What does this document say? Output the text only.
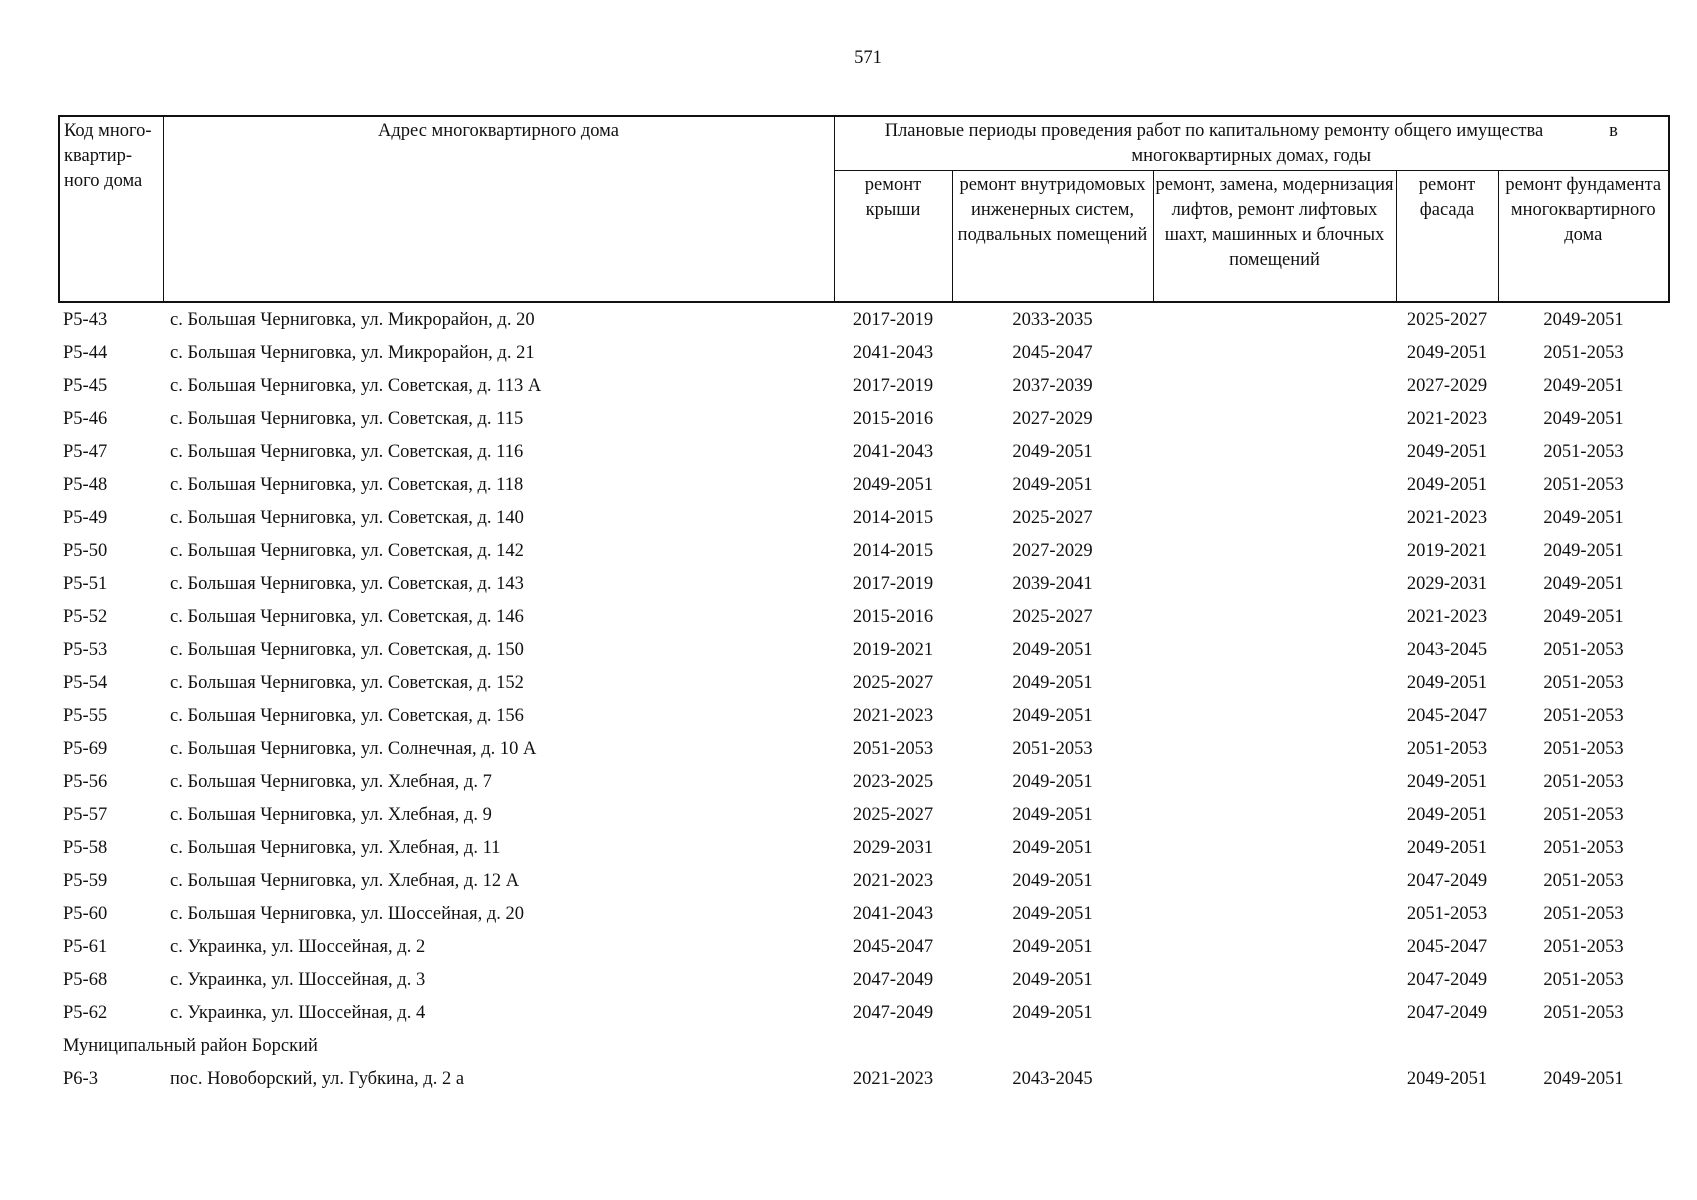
571
Код много-квартир-ного дома	Адрес многоквартирного дома	Плановые периоды проведения работ по капитальному ремонту общего имущества в
многоквартирных домах, годы				
		ремонт крыши	ремонт внутридомовых инженерных систем, подвальных помещений	ремонт, замена, модернизация лифтов, ремонт лифтовых шахт, машинных и блочных помещений	ремонт фасада	ремонт фундамента многоквартирного дома
Р5-43	с. Большая Черниговка, ул. Микрорайон, д. 20	2017-2019	2033-2035		2025-2027	2049-2051
Р5-44	с. Большая Черниговка, ул. Микрорайон, д. 21	2041-2043	2045-2047		2049-2051	2051-2053
Р5-45	с. Большая Черниговка, ул. Советская, д. 113 А	2017-2019	2037-2039		2027-2029	2049-2051
Р5-46	с. Большая Черниговка, ул. Советская, д. 115	2015-2016	2027-2029		2021-2023	2049-2051
Р5-47	с. Большая Черниговка, ул. Советская, д. 116	2041-2043	2049-2051		2049-2051	2051-2053
Р5-48	с. Большая Черниговка, ул. Советская, д. 118	2049-2051	2049-2051		2049-2051	2051-2053
Р5-49	с. Большая Черниговка, ул. Советская, д. 140	2014-2015	2025-2027		2021-2023	2049-2051
Р5-50	с. Большая Черниговка, ул. Советская, д. 142	2014-2015	2027-2029		2019-2021	2049-2051
Р5-51	с. Большая Черниговка, ул. Советская, д. 143	2017-2019	2039-2041		2029-2031	2049-2051
Р5-52	с. Большая Черниговка, ул. Советская, д. 146	2015-2016	2025-2027		2021-2023	2049-2051
Р5-53	с. Большая Черниговка, ул. Советская, д. 150	2019-2021	2049-2051		2043-2045	2051-2053
Р5-54	с. Большая Черниговка, ул. Советская, д. 152	2025-2027	2049-2051		2049-2051	2051-2053
Р5-55	с. Большая Черниговка, ул. Советская, д. 156	2021-2023	2049-2051		2045-2047	2051-2053
Р5-69	с. Большая Черниговка, ул. Солнечная, д. 10 А	2051-2053	2051-2053		2051-2053	2051-2053
Р5-56	с. Большая Черниговка, ул. Хлебная, д. 7	2023-2025	2049-2051		2049-2051	2051-2053
Р5-57	с. Большая Черниговка, ул. Хлебная, д. 9	2025-2027	2049-2051		2049-2051	2051-2053
Р5-58	с. Большая Черниговка, ул. Хлебная, д. 11	2029-2031	2049-2051		2049-2051	2051-2053
Р5-59	с. Большая Черниговка, ул. Хлебная, д. 12 А	2021-2023	2049-2051		2047-2049	2051-2053
Р5-60	с. Большая Черниговка, ул. Шоссейная, д. 20	2041-2043	2049-2051		2051-2053	2051-2053
Р5-61	с. Украинка, ул. Шоссейная, д. 2	2045-2047	2049-2051		2045-2047	2051-2053
Р5-68	с. Украинка, ул. Шоссейная, д. 3	2047-2049	2049-2051		2047-2049	2051-2053
Р5-62	с. Украинка, ул. Шоссейная, д. 4	2047-2049	2049-2051		2047-2049	2051-2053
Муниципальный район Борский						
Р6-3	пос. Новоборский, ул. Губкина, д. 2 а	2021-2023	2043-2045		2049-2051	2049-2051
